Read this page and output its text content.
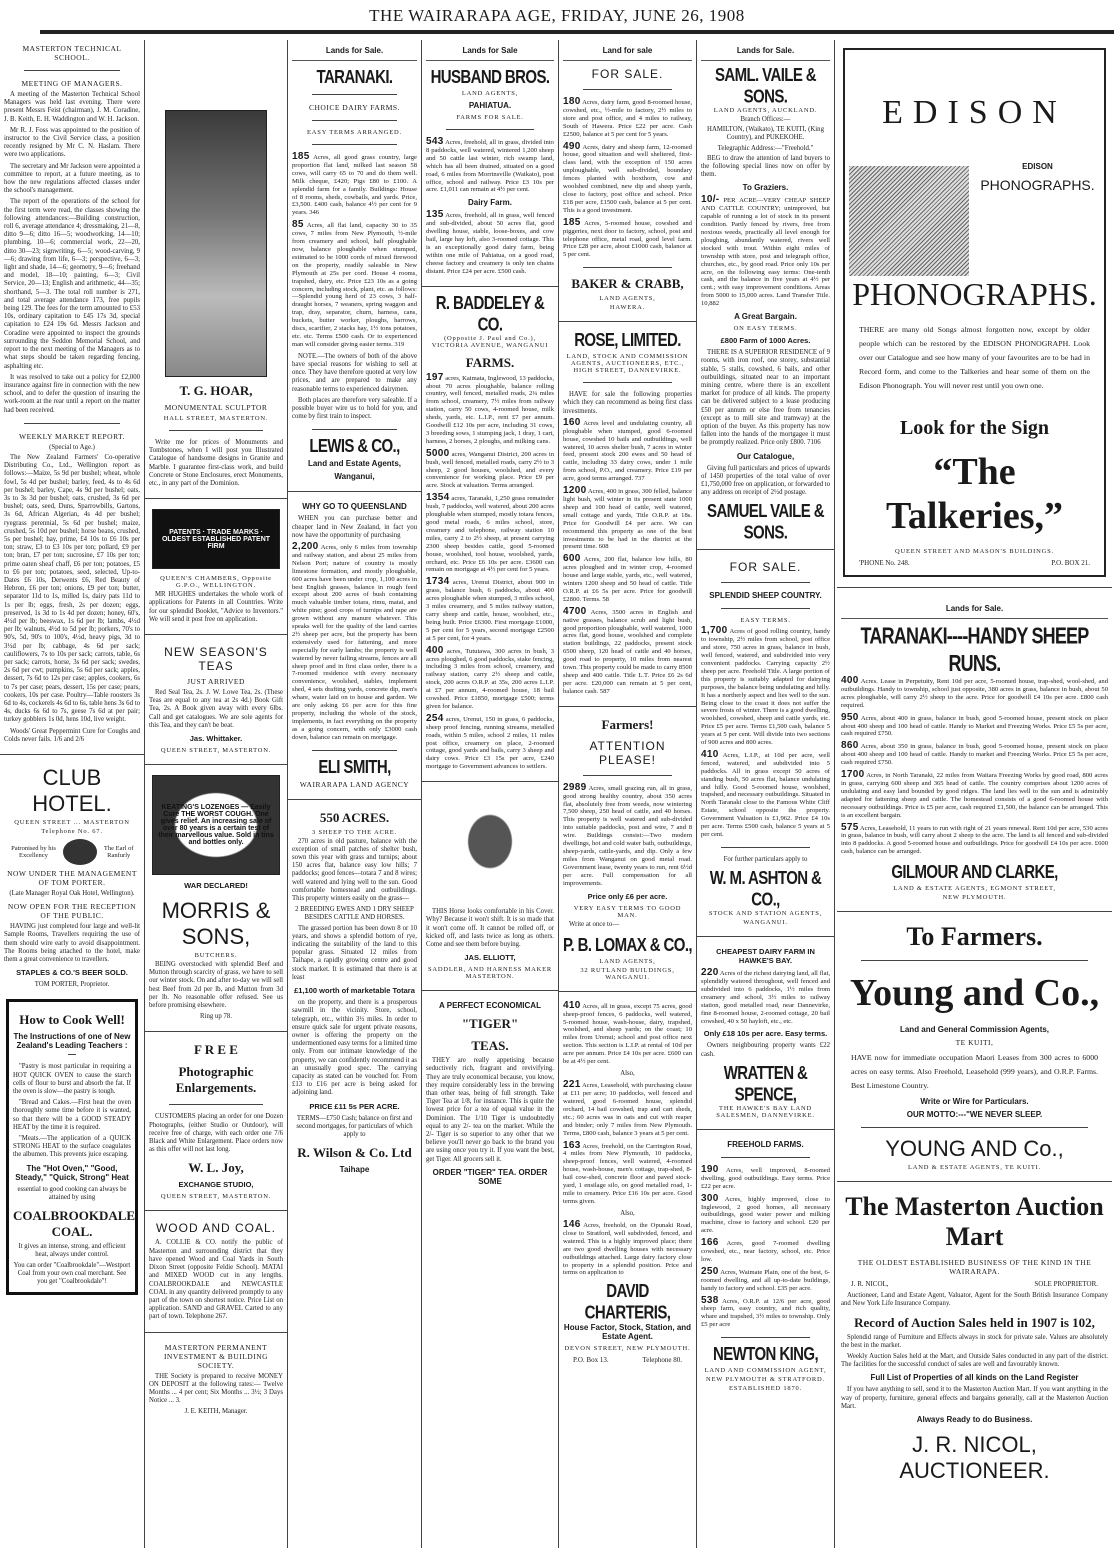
THE WAIRARAPA AGE, FRIDAY, JUNE 26, 1908
MASTERTON TECHNICAL SCHOOL.
MEETING OF MANAGERS.
A meeting of the Masterton Technical School Managers was held last evening. There were present Messrs Feist (chairman), J. M. Coradine, J. B. Keith, E. H. Waddington and W. H. Jackson.
Mr R. J. Foss was appointed to the position of instructor to the Civil Service class, a position recently resigned by Mr C. N. Haslam. There were two applications.
The secretary and Mr Jackson were appointed a committee to report, at a future meeting, as to how the new regulations affected classes under the school's management.
The report of the operations of the school for the first term were read, the classes showing the following attendances:—Building construction, roll 6, average attendance 4; dressmaking, 21—8, ditto 9—6; ditto 16—5; woodworking, 14—10; plumbing, 10—6; commercial work, 22—20, ditto 30—23; signwriting, 6—5; wood-carving, 9—6; drawing from life, 6—3; perspective, 6—3; light and shade, 14—6; geometry, 9—6; freehand and model, 18—10; painting, 6—3; Civil Service, 20—13; English and arithmetic, 44—35; shorthand, 5—3. The total roll number is 271, and total average attendance 173, free pupils being 129. The fees for the term amounted to £53 10s, ordinary capitation to £45 17s 3d, special capitation to £24 19s 6d. Messrs Jackson and Coradine were appointed to inspect the grounds surrounding the Seddon Memorial School, and report to the next meeting of the Managers as to what steps should be taken regarding fencing, asphalting etc.
It was resolved to take out a policy for £2,000 insurance against fire in connection with the new school, and to defer the question of insuring the work-room at the rear until a report on the matter had been received.
WEEKLY MARKET REPORT.
(Special to Age.)
The New Zealand Farmers' Co-operative Distributing Co., Ltd., Wellington report as follows:—Maize, 5s 9d per bushel; wheat, whole fowl, 5s 4d per bushel; barley, feed, 4s to 4s 6d per bushel; barley, Cape, 4s 9d per bushel; oats, 3s to 3s 3d per bushel; oats, crushed, 3s 6d per bushel; oats, seed, Duns, Sparrowbills, Gartons, 3s 6d, African Algerian, 4s 4d per bushel; ryegrass perennial, 5s 6d per bushel; maize, crushed, 5s 10d per bushel; horse beans, crushed, 5s per bushel; hay, prime, £4 10s to £6 10s per ton; straw, £3 to £3 10s per ton; pollard, £9 per ton; bran, £7 per ton; sucrosine, £7 10s per ton; prime oaten sheaf chaff, £6 per ton; potatoes, £5 to £6 per ton; potatoes, seed, selected, Up-to-Dates £6 10s, Derwents £6, Red Beauty of Hebron, £6 per ton; onions, £9 per ton; butter, separator 11d to 1s, milled 1s, dairy pats 11d to 1s per lb; eggs, fresh, 2s per dozen; eggs, preserved, 1s 3d to 1s 4d per dozen; honey, 60's, 4½d per lb; beeswax, 1s 6d per lb; lambs, 4½d per lb; walnuts, 4½d to 5d per lb; porkers, 70's to 90's, 5d, 90's to 100's, 4½d, heavy pigs, 3d to 3½d per lb; cabbage, 4s 6d per sack; cauliflowers, 7s to 10s per sack; carrots, table, 6s per sack; carrots, horse, 3s 6d per sack; swedes, 2s 6d per cwt; pumpkins, 5s 6d per sack; apples, dessert, 7s 6d to 12s per case; apples, cookers, 6s to 7s per case; pears, dessert, 15s per case; pears, cookers, 10s per case. Poultry—Table roosters 3s 6d to 4s, cockerels 4s 6d to 6s, table hens 3s 6d to 4s, ducks 6s 6d to 7s, geese 7s 6d at per pair; turkey gobblers 1s 0d, hens 10d, live weight.
Woods' Great Peppermint Cure for Coughs and Colds never fails. 1/6 and 2/6
CLUB HOTEL.
QUEEN STREET ... MASTERTON
Telephone No. 67.
Patronised by his Excellency
The Earl of Ranfurly
NOW UNDER THE MANAGEMENT OF TOM PORTER.
(Late Manager Royal Oak Hotel, Wellington).
NOW OPEN FOR THE RECEPTION OF THE PUBLIC.
HAVING just completed four large and well-lit Sample Rooms, Travellers requiring the use of them should wire early to avoid disappointment. The Rooms being attached to the hotel, make them a great convenience to travellers.
STAPLES & CO.'S BEER SOLD.
TOM PORTER, Proprietor.
How to Cook Well!
The Instructions of one of New Zealand's Leading Teachers :—
"Pastry is most particular in requiring a HOT QUICK OVEN to cause the starch cells of flour to burst and absorb the fat. If the oven is slow—the pastry is tough.
"Bread and Cakes.—First heat the oven thoroughly some time before it is wanted, so that there will be a GOOD STEADY HEAT by the time it is required.
"Meats.—The application of a QUICK STRONG HEAT to the surface coagulates the albumen. This prevents juice escaping.
The "Hot Oven," "Good, Steady," "Quick, Strong" Heat
essential to good cooking can always be attained by using
COALBROOKDALE COAL.
It gives an intense, strong, and efficient heat, always under control.
You can order "Coalbrookdale"—Westport Coal from your own coal merchant. See you get "Coalbrookdale"!
T. G. HOAR,
MONUMENTAL SCULPTOR
HALL STREET, MASTERTON.
Write me for prices of Monuments and Tombstones, when I will post you Illustrated Catalogue of handsome designs in Granite and Marble. I guarantee first-class work, and build Concrete or Stone Enclosures, erect Monuments, etc., in any part of the Dominion.
PATENTS · TRADE MARKS · OLDEST ESTABLISHED PATENT FIRM
QUEEN'S CHAMBERS, Opposite G.P.O., WELLINGTON.
MR HUGHES undertakes the whole work of applications for Patents in all Countries. Write for our splendid Booklet, "Advice to Inventors." We will send it post free on application.
NEW SEASON'S TEAS
JUST ARRIVED
Red Seal Tea, 2s. J. W. Lowe Tea, 2s. (These Teas are equal to any tea at 2s 4d.) Book Gift Tea, 2s. A Book given away with every 6lbs. Call and get catalogues. We are sole agents for this Tea, and they can't be beat.
Jas. Whittaker.
QUEEN STREET, MASTERTON.
KEATING'S LOZENGES — Easily Cure THE WORST COUGH. One gives relief. An increasing sale of over 80 years is a certain test of their marvellous value. Sold in tins and bottles only.
WAR DECLARED!
MORRIS & SONS,
BUTCHERS.
BEING overstocked with splendid Beef and Mutton through scarcity of grass, we have to sell our winter stock. On and after to-day we will sell best Beef from 2d per lb, and Mutton from 3d per lb. No reasonable offer refused. See us before promising elsewhere.
Ring up 78.
F R E E
Photographic Enlargements.
CUSTOMERS placing an order for one Dozen Photographs, (either Studio or Outdoor), will receive free of charge, with each order one 7/6 Black and White Enlargement. Place orders now as this offer will not last long.
W. L. Joy,
EXCHANGE STUDIO,
QUEEN STREET, MASTERTON.
WOOD AND COAL.
A. COLLIE & CO. notify the public of Masterton and surrounding district that they have opened Wood and Coal Yards in South Dixon Street (opposite Feldie School). MATAI and MIXED WOOD cut in any lengths. COALBROOKDALE and NEWCASTLE COAL in any quantity delivered promptly to any part of the town on shortest notice. Price List on application. SAND and GRAVEL Carted to any part of town. Telephone 267.
MASTERTON PERMANENT INVESTMENT & BUILDING SOCIETY.
THE Society is prepared to receive MONEY ON DEPOSIT at the following rates:— Twelve Months ... 4 per cent; Six Months ... 3½; 3 Days Notice ... 3.
J. E. KEITH, Manager.
Lands for Sale.
TARANAKI.
CHOICE DAIRY FARMS.
EASY TERMS ARRANGED.
185 Acres, all good grass country, large proportion flat land, milked last season 58 cows, will carry 65 to 70 and do them well. Milk cheque, £420; Pigs £80 to £100. A splendid farm for a family. Buildings: House of 8 rooms, sheds, cowbails, and yards. Price, £3,500. £400 cash, balance 4½ per cent for 9 years. 346
85 Acres, all flat land, capacity 30 to 35 cows, 7 miles from New Plymouth, ½-mile from creamery and school, half ploughable now, balance ploughable when stumped, estimated to be 1000 cords of mixed firewood on the property, readily saleable in New Plymouth at 25s per cord. House 4 rooms, trapshed, dairy, etc. Price £23 10s as a going concern, including stock, plant, etc. as follows:—Splendid young herd of 23 cows, 3 half-draught horses, 7 weaners, spring waggon and trap, dray, separator, churn, harness, cans, buckets, butter worker, ploughs, harrows, discs, scarifier, 2 stacks hay, 1½ tons potatoes, etc. etc. Terms £500 cash. Or to experienced man will consider giving easier terms. 319
NOTE.—The owners of both of the above have special reasons for wishing to sell at once. They have therefore quoted at very low prices, and are prepared to make any reasonable terms to experienced dairymen.
Both places are therefore very saleable. If a possible buyer wire us to hold for you, and come by first train to inspect.
LEWIS & CO.,
Land and Estate Agents,
Wanganui,
WHY GO TO QUEENSLAND
WHEN you can purchase better and cheaper land in New Zealand, in fact you now have the opportunity of purchasing
2,200 Acres, only 6 miles from township and railway station, and about 25 miles from Nelson Port; nature of country is mostly limestone formation, and mostly ploughable, 600 acres have been under crop, 1,100 acres in best English grasses, balance in rough feed except about 200 acres of bush containing much valuable timber totara, rimu, matai, and white pine; good crops of turnips and rape are grown without any manure whatever. This speaks well for the quality of the land carries 2½ sheep per acre, but the property has been extensively used for fattening, and more especially for early lambs; the property is well watered by never failing streams, fences are all sheep proof and in first class order, there is a 7-roomed residence with every necessary convenience, woolshed, stables, implement shed, 4 sets drafting yards, concrete dip, men's whare, water laid on to house and garden. We are only asking £6 per acre for this fine property, including the whole of the stock, implements, in fact everything on the property as a going concern, with only £3000 cash down, balance can remain on mortgage.
ELI SMITH,
WAIRARAPA LAND AGENCY
550 ACRES.
3 SHEEP TO THE ACRE.
270 acres in old pasture, balance with the exception of small patches of shelter bush, sown this year with grass and turnips; about 150 acres flat, balance easy low hills; 7 paddocks; good fences—totara 7 and 8 wires; well watered and lying well to the sun. Good comfortable homestead and outbuildings. This property winters easily on the grass—
2 BREEDING EWES AND 1 DRY SHEEP BESIDES CATTLE AND HORSES.
The grassed portion has been down 8 or 10 years, and shows a splendid bottom of rye, indicating the suitability of the land to this popular grass. Situated 12 miles from Taihape, a rapidly growing centre and good stock market. It is estimated that there is at least
£1,100 worth of marketable Totara
on the property, and there is a prosperous sawmill in the vicinity. Store, school, telegraph, etc., within 3½ miles. In order to ensure quick sale for urgent private reasons, owner is offering the property on the undermentioned easy terms for a limited time only. From our intimate knowledge of the property, we can confidently recommend it as an unusually good spec. The carrying capacity as stated can be vouched for. From £13 to £16 per acre is being asked for adjoining land.
PRICE £11 5s PER ACRE.
TERMS—£750 Cash; balance on first and second mortgages, for particulars of which apply to
R. Wilson & Co. Ltd
Taihape
Lands for Sale
HUSBAND BROS.
LAND AGENTS,
PAHIATUA.
FARMS FOR SALE.
543 Acres, freehold, all in grass, divided into 8 paddocks, well watered, wintered 1,200 sheep and 50 cattle last winter, rich swamp land, which has all been drained, situated on a good road, 6 miles from Morrinsville (Waikato), post office, school and railway. Price £3 10s per acre. £1,011 can remain at 4½ per cent.
Dairy Farm.
135 Acres, freehold, all in grass, well fenced and sub-divided, about 50 acres flat, good dwelling house, stable, loose-boxes, and cow bail, large hay loft, also 3-roomed cottage. This is an exceptionally good dairy farm, being within one mile of Pahiatua, on a good road, cheese factory and creamery is only ten chains distant. Price £24 per acre. £500 cash.
R. BADDELEY & CO.
(Opposite J. Paul and Co.), VICTORIA AVENUE, WANGANUI
FARMS.
197 acres, Kaimata, Inglewood, 13 paddocks, about 70 acres ploughable, balance rolling country, well fenced, metalled roads, 2¼ miles from school, creamery, 7½ miles from railway station, carry 50 cows, 4-roomed house, milk sheds, yards, etc. L.I.P., rent £7 per annum. Goodwill £12 10s per acre, including 31 cows, 3 breeding sows, 1 stumping jack, 1 dray, 1 cart, harness, 2 horses, 2 ploughs, and milking cans.
5000 acres, Wanganui District, 200 acres in bush, well fenced, metalled roads, carry 2½ to 3 sheep, 2 good houses, woolshed, and every convenience for working place. Price £9 per acre. Stock at valuation. Terms arranged.
1354 acres, Taranaki, 1,250 grass remainder bush, 7 paddocks, well watered, about 200 acres ploughable when stumped, mostly totara fences, good metal roads, 6 miles school, store, creamery and telephone, railway station 10 miles, carry 2 to 2½ sheep, at present carrying 2300 sheep besides cattle, good 5-roomed house, woolshed, tool house, woolshed, yards, orchard, etc. Price £6 10s per acre. £3600 can remain on mortgage at 4½ per cent for 5 years.
1734 acres, Urenui District, about 900 in grass, balance bush, 6 paddocks, about 400 acres ploughable when stumped, 3 miles school, 3 miles creamery, and 5 miles railway station, carry sheep and cattle, house, woolshed, etc., being built. Price £6300. First mortgage £1000, 5 per cent for 5 years, second mortgage £2500 at 5 per cent, for 4 years.
400 acres, Tututawa, 300 acres in bush, 3 acres ploughed, 6 good paddocks, stake fencing, including 3 miles from school, creamery, and railway station, carry 2½ sheep and cattle, stock, 200 acres O.R.P. at 35s, 200 acres L.I.P. at £7 per annum, 4-roomed house, 18 bail cowshed. Price £1850, mortgage £500; terms given for balance.
254 acres, Urenui, 150 in grass, 6 paddocks, sheep proof fencing, running streams, metalled roads, within 5 miles, school 2 miles, 11 miles post office, creamery on place, 2-roomed cottage, good yards and bails, carry 3 sheep and dairy cows. Price £3 15s per acre, £240 mortgage to Government advances to settlers.
THIS Horse looks comfortable in his Cover. Why? Because it won't shift. It is so made that it won't come off. It cannot be rolled off, or kicked off, and lasts twice as long as others. Come and see them before buying.
JAS. ELLIOTT,
SADDLER, AND HARNESS MAKER MASTERTON.
A PERFECT ECONOMICAL
"TIGER"
TEAS.
THEY are really appetising because seductively rich, fragrant and revivifying. They are truly economical because, you know, they require considerably less in the brewing than other teas, being of full strength. Take Tiger Tea at 1/8, for instance. This is quite the lowest price for a tea of equal value in the Dominion. The 1/10 Tiger is undoubtedly equal to any 2/- tea on the market. While the 2/- Tiger is so superior to any other that we believe you'll never go back to the brand you are using once you try it. If you want the best, get Tiger. All grocers sell it.
ORDER "TIGER" TEA. ORDER SOME
Land for sale
FOR SALE.
180 Acres, dairy farm, good 8-roomed house, cowshed, etc., ½-mile to factory, 2½ miles to store and post office, and 4 miles to railway, South of Hawera. Price £22 per acre. Cash £2500, balance at 5 per cent for 5 years.
490 Acres, dairy and sheep farm, 12-roomed house, good situation and well sheltered, first-class land, with the exception of 150 acres unploughable, well sub-divided, boundary fences planted with boxthorn, cow and woolshed combined, new dip and sheep yards, close to factory, post office and school. Price £18 per acre, £1500 cash, balance at 5 per cent. This is a good investment.
185 Acres, 5-roomed house, cowshed and piggeries, next door to factory, school, post and telephone office, metal road, good level farm. Price £28 per acre, about £1000 cash, balance at 5 per cent.
BAKER & CRABB,
LAND AGENTS,
HAWERA.
ROSE, LIMITED.
LAND, STOCK AND COMMISSION AGENTS, AUCTIONEERS, ETC., HIGH STREET, DANNEVIRKE.
HAVE for sale the following properties which they can recommend as being first class investments.
160 Acres level and undulating country, all ploughable when stumped, good 6-roomed house, cowshed 10 bails and outbuildings, well watered, 10 acres shelter bush, 7 acres in winter feed, present stock 200 ewes and 50 head of cattle, including 33 dairy cows, under 1 mile from school, P.O., and creamery. Price £19 per acre, good terms arranged. 737
1200 Acres, 400 in grass, 300 felled, balance light bush, will winter in its present state 1000 sheep and 100 head of cattle, well watered, small cottage and yards, Title O.R.P. at 18s. Price for Goodwill £4 per acre. We can recommend this property as one of the best investments to be had in the district at the present time. 608
600 Acres, 200 flat, balance low hills, 80 acres ploughed and in winter crop, 4-roomed house and large stable, yards, etc., well watered, winters 1200 sheep and 50 head of cattle. Title O.R.P. at £6 5s per acre. Price for goodwill £2800. Terms. 58
4700 Acres, 3500 acres in English and native grasses, balance scrub and light bush, good proportion ploughable, well watered, 1000 acres flat, good house, woolshed and complete station buildings, 22 paddocks, present stock 6500 sheep, 120 head of cattle and 40 horses, good road to property, 10 miles from nearest town. This property could be made to carry 8500 sheep and 400 cattle. Title L.T. Price £6 2s 6d per acre. £20,000 can remain at 5 per cent, balance cash. 587
Farmers!
ATTENTION PLEASE!
2989 Acres, small grazing run, all in grass, good strong healthy country, about 350 acres flat, absolutely free from weeds, now wintering 7,500 sheep, 250 head of cattle, and 40 horses. This property is well watered and sub-divided into suitable paddocks, post and wire, 7 and 8 wire. Buildings consist:—Two modern dwellings, hot and cold water bath, outbuildings, sheep-yards, cattle-yards, and dip. Only a few miles from Wanganui on good metal road. Government lease, twenty years to run, rent 6½d per acre. Full compensation for all improvements.
Price only £6 per acre.
VERY EASY TERMS TO GOOD MAN.
Write at once to—
P. B. LOMAX & CO.,
LAND AGENTS,
32 RUTLAND BUILDINGS, WANGANUI.
410 Acres, all in grass, except 75 acres, good sheep-proof fences, 6 paddocks, well watered, 5-roomed house, wash-house, dairy, trapshed, woolshed, and sheep yards; on the coast; 10 miles from Urenui; school and post office next section. This section is L.I.P. at rental of 10d per acre per annum. Price £4 10s per acre. £600 can be at 4½ per cent.
Also,
221 Acres, Leasehold, with purchasing clause at £11 per acre; 10 paddocks, well fenced and watered, good 6-roomed house, splendid orchard, 14 bail cowshed, trap and cart sheds, etc.; 60 acres was in oats and cut with reaper and binder; only 7 miles from New Plymouth. Terms, £800 cash, balance 3 years at 5 per cent.
163 Acres, freehold, on the Carrington Road, 4 miles from New Plymouth, 10 paddocks, sheep-proof fences, well watered, 4-roomed house, wash-house, men's cottage, trap-shed, 8-bail cow-shed, concrete floor and paved stock-yard, 1 ensilage silo, on good metalled road, 1-mile to creamery. Price £16 10s per acre. Good terms given.
Also,
146 Acres, freehold, on the Opunaki Road, close to Stratford, well subdivided, fenced, and watered. This is a highly improved place; there are two good dwelling houses with necessary outbuildings attached. Large dairy factory close to property in a splendid position. Price and terms on application to
DAVID CHARTERIS,
House Factor, Stock, Station, and Estate Agent.
DEVON STREET, NEW PLYMOUTH.
P.O. Box 13.	Telephone 80.
Lands for Sale.
SAML. VAILE & SONS.
LAND AGENTS, AUCKLAND.
Branch Offices:—
HAMILTON, (Waikato), TE KUITI, (King Country), and PUKEKOHE.
Telegraphic Address:—"Freehold."
BEG to draw the attention of land buyers to the following special lines now on offer by them.
To Graziers.
10/- PER ACRE—VERY CHEAP SHEEP AND CATTLE COUNTRY; unimproved, but capable of running a lot of stock in its present condition. Partly fenced by rivers, free from noxious weeds, practically all level enough for ploughing, abundantly watered, rivers well stocked with trout. Within eight miles of township with store, post and telegraph office, churches, etc., by good road. Price only 10s per acre, on the following easy terms: One-tenth cash, and the balance in five years at 4½ per cent.; with easy improvement conditions. Areas from 5000 to 15,000 acres. Land Transfer Title. 10,882
A Great Bargain.
ON EASY TERMS.
£800 Farm of 1000 Acres.
THERE IS A SUPERIOR RESIDENCE of 9 rooms, with iron roof, one storey, substantial stable, 5 stalls, cowshed, 6 bails, and other outbuildings, situated near to an important mining centre, where there is an excellent market for produce of all kinds. The property can be delivered subject to a lease producing £50 per annum or else free from tenancies (except as to mill site and tramway) at the option of the buyer. As this property has now fallen into the hands of the mortgagee it must be promptly realized. Price only £800. 7106
Our Catalogue,
Giving full particulars and prices of upwards of 1450 properties of the total value of over £1,750,000 free on application, or forwarded to any address on receipt of 2½d postage.
SAMUEL VAILE & SONS.
FOR SALE.
SPLENDID SHEEP COUNTRY.
EASY TERMS.
1,700 Acres of good rolling country, handy to township, 2½ miles from school, post office and store, 750 acres in grass, balance in bush, well fenced, watered, and subdivided into very convenient paddocks. Carrying capacity 2½ sheep per acre. Freehold Title. A large portion of this property is suitably adapted for dairying purposes, the balance being undulating and hilly. It has a northerly aspect and lies well to the sun. Being close to the coast it does not suffer the severe frosts of winter. There is a good dwelling, woolshed, cowshed, sheep and cattle yards, etc. Price £5 per acre. Terms £1,500 cash, balance 5 years at 5 per cent. Will divide into two sections of 900 acres and 800 acres.
410 Acres, L.I.P., at 10d per acre, well fenced, watered, and subdivided into 5 paddocks. All in grass except 50 acres of standing bush, 50 acres flat, balance undulating and hilly. Good 5-roomed house, woolshed, trapshed, and necessary outbuildings. Situated in North Taranaki close to the Famous White Cliff Estate, school opposite the property. Government Valuation is £1,962. Price £4 10s per acre. Terms £500 cash, balance 5 years at 5 per cent.
For further particulars apply to
W. M. ASHTON & CO.,
STOCK AND STATION AGENTS,
WANGANUI.
CHEAPEST DAIRY FARM IN HAWKE'S BAY.
220 Acres of the richest dairying land, all flat, splendidly watered throughout, well fenced and subdivided into 6 paddocks, 1½ miles from creamery and school, 3½ miles to railway station, good metalled road, near Dannevirke, fine 8-roomed house, 2-roomed cottage, 20 bail cowshed, 40 x 50 hayloft, etc., etc.
Only £18 10s per acre. Easy terms.
Owners neighbouring property wants £22 cash.
WRATTEN & SPENCE,
THE HAWKE'S BAY LAND SALESMEN, DANNEVIRKE.
FREEHOLD FARMS.
190 Acres, well improved, 8-roomed dwelling, good outbuildings. Easy terms. Price £22 per acre.
300 Acres, highly improved, close to Inglewood, 2 good homes, all necessary outbuildings, good water power and milking machine, close to factory and school. £20 per acre.
166 Acres, good 7-roomed dwelling cowshed, etc., near factory, school, etc. Price low.
250 Acres, Waimate Plain, one of the best, 6-roomed dwelling, and all up-to-date buildings, handy to factory and school. £35 per acre.
538 Acres, O.R.P. at 12/6 per acre, good sheep farm, easy country, and rich quality, whare and trapshed, 3½ miles to township. Only £5 per acre
NEWTON KING,
LAND AND COMMISSION AGENT,
NEW PLYMOUTH & STRATFORD.
ESTABLISHED 1870.
EDISON
EDISON
PHONOGRAPHS.
PHONOGRAPHS.
THERE are many old Songs almost forgotten now, except by older people which can be restored by the EDISON PHONOGRAPH. Look over our Catalogue and see how many of your favourites are to be had in Record form, and come to the Talkeries and hear some of them on the Edison Phonograph. You will never rest until you own one.
Look for the Sign
“The Talkeries,”
QUEEN STREET AND MASON'S BUILDINGS.
'PHONE No. 248.	P.O. BOX 21.
Lands for Sale.
TARANAKI----HANDY SHEEP RUNS.
400 Acres. Lease in Perpetuity, Rent 10d per acre, 5-roomed house, trap-shed, wool-shed, and outbuildings. Handy to township, school just opposite, 380 acres in grass, balance in bush, about 50 acres ploughable, will carry 2½ sheep to the acre. Price for goodwill £4 10s per acre. £800 cash required.
950 Acres, about 400 in grass, balance in bush, good 5-roomed house, present stock on place about 400 sheep and 100 head of cattle. Handy to Market and Freezing Works. Price £5 5s per acre, cash required £750.
860 Acres, about 350 in grass, balance in bush, good 5-roomed house, present stock on place about 400 sheep and 100 head of cattle. Handy to market and Freezing Works. Price £5 5s per acre, cash required £750.
1700 Acres, in North Taranaki, 22 miles from Waitara Freezing Works by good road, 800 acres in grass, carrying 600 sheep and 365 head of cattle. The country comprises about 1200 acres of undulating and easy land bounded by good ridges. The land lies well to the sun and is admirably adapted for fattening sheep and cattle. The homestead consists of a good 6-roomed house with necessary outbuildings. Price is £5 per acre, cash required £1,500, the balance can be arranged. This is an excellent bargain.
575 Acres, Leasehold, 11 years to run with right of 21 years renewal. Rent 10d per acre, 530 acres in grass, balance in bush, will carry about 2 sheep to the acre. The land is all fenced and sub-divided into 8 paddocks. A good 5-roomed house and outbuildings. Price for goodwill £4 10s per acre. £600 cash, balance can be arranged.
GILMOUR AND CLARKE,
LAND & ESTATE AGENTS, EGMONT STREET,
NEW PLYMOUTH.
To Farmers.
Young and Co.,
Land and General Commission Agents,
TE KUITI,
HAVE now for immediate occupation Maori Leases from 300 acres to 6000 acres on easy terms. Also Freehold, Leasehold (999 years), and O.R.P. Farms. Best Limestone Country.
Write or Wire for Particulars.
OUR MOTTO:---"WE NEVER SLEEP.
YOUNG AND Co.,
LAND & ESTATE AGENTS, TE KUITI.
The Masterton Auction Mart
THE OLDEST ESTABLISHED BUSINESS OF THE KIND IN THE WAIRARAPA.
J. R. NICOL,	SOLE PROPRIETOR.
Auctioneer, Land and Estate Agent, Valuator, Agent for the South British Insurance Company and New York Life Insurance Company.
Record of Auction Sales held in 1907 is 102,
Splendid range of Furniture and Effects always in stock for private sale. Values are absolutely the best in the market.
Weekly Auction Sales held at the Mart, and Outside Sales conducted in any part of the district. The facilities for the successful conduct of sales are well and favourably known.
Full List of Properties of all kinds on the Land Register
If you have anything to sell, send it to the Masterton Auction Mart. If you want anything in the way of property, furniture, general effects and bargains generally, call at the Masterton Auction Mart.
Always Ready to do Business.
J. R. NICOL, AUCTIONEER.
